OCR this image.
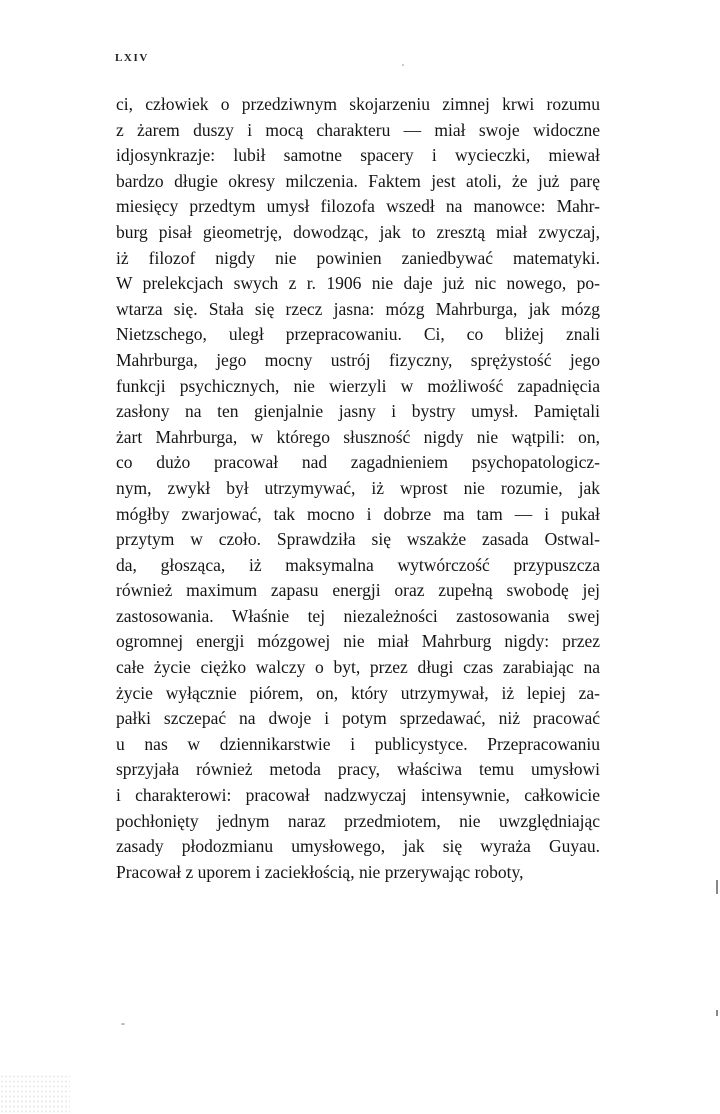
LXIV
ci, człowiek o przedziwnym skojarzeniu zimnej krwi rozumu
z żarem duszy i mocą charakteru — miał swoje widoczne
idjosynkrazje: lubił samotne spacery i wycieczki, miewał
bardzo długie okresy milczenia. Faktem jest atoli, że już parę
miesięcy przedtym umysł filozofa wszedł na manowce: Mahr-
burg pisał gieometrję, dowodząc, jak to zresztą miał zwyczaj,
iż filozof nigdy nie powinien zaniedbywać matematyki.
W prelekcjach swych z r. 1906 nie daje już nic nowego, po-
wtarza się. Stała się rzecz jasna: mózg Mahrburga, jak mózg
Nietzschego, uległ przepracowaniu. Ci, co bliżej znali
Mahrburga, jego mocny ustrój fizyczny, sprężystość jego
funkcji psychicznych, nie wierzyli w możliwość zapadnięcia
zasłony na ten gienjalnie jasny i bystry umysł. Pamiętali
żart Mahrburga, w którego słuszność nigdy nie wątpili: on,
co dużo pracował nad zagadnieniem psychopatologicz-
nym, zwykł był utrzymywać, iż wprost nie rozumie, jak
mógłby zwarjować, tak mocno i dobrze ma tam — i pukał
przytym w czoło. Sprawdziła się wszakże zasada Ostwal-
da, głosząca, iż maksymalna wytwórczość przypuszcza
również maximum zapasu energji oraz zupełną swobodę jej
zastosowania. Właśnie tej niezależności zastosowania swej
ogromnej energji mózgowej nie miał Mahrburg nigdy: przez
całe życie ciężko walczy o byt, przez długi czas zarabiając na
życie wyłącznie piórem, on, który utrzymywał, iż lepiej za-
pałki szczepać na dwoje i potym sprzedawać, niż pracować
u nas w dziennikarstwie i publicystyce. Przepracowaniu
sprzyjała również metoda pracy, właściwa temu umysłowi
i charakterowi: pracował nadzwyczaj intensywnie, całkowicie
pochłonięty jednym naraz przedmiotem, nie uwzględniając
zasady płodozmianu umysłowego, jak się wyraża Guyau.
Pracował z uporem i zaciekłością, nie przerywając roboty,
